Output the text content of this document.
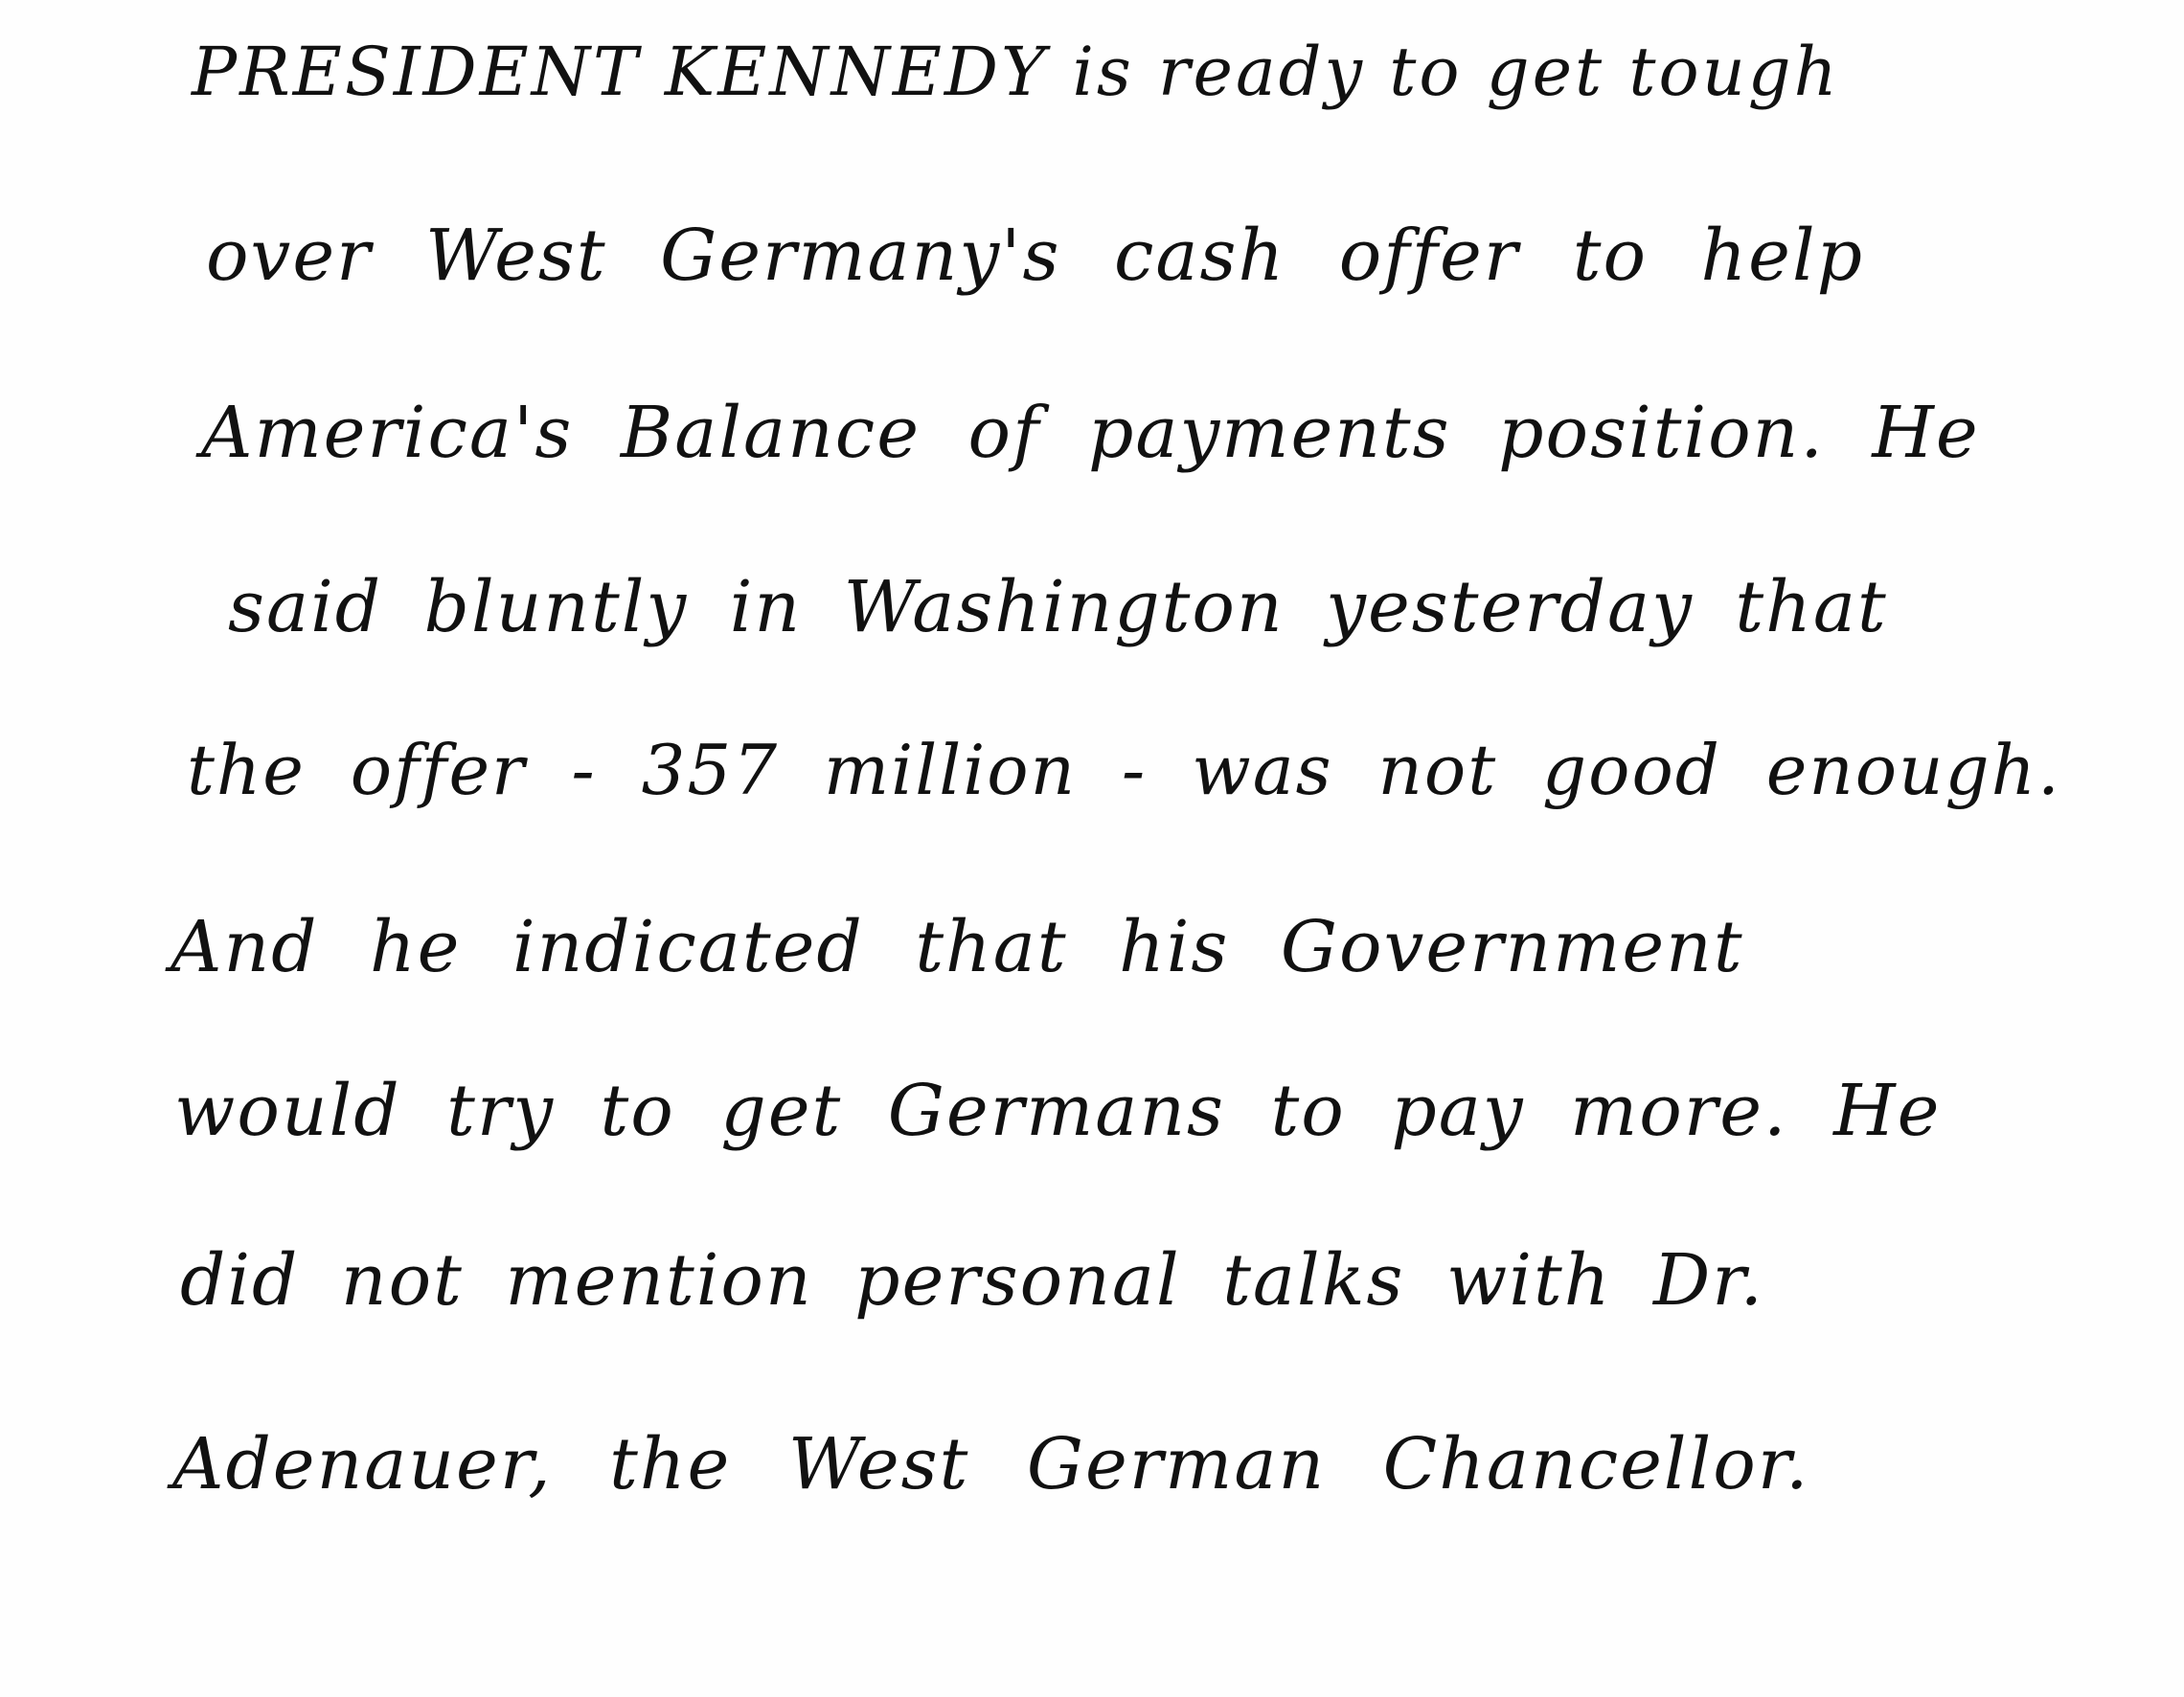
PRESIDENT KENNEDY is ready to get tough

over West Germany's cash offer to help

America's Balance of payments position. He

said bluntly in Washington yesterday that

the offer - 357 million - was not good enough.

And he indicated that his Government

would try to get Germans to pay more. He

did not mention personal talks with Dr.

Adenauer, the West German Chancellor.
